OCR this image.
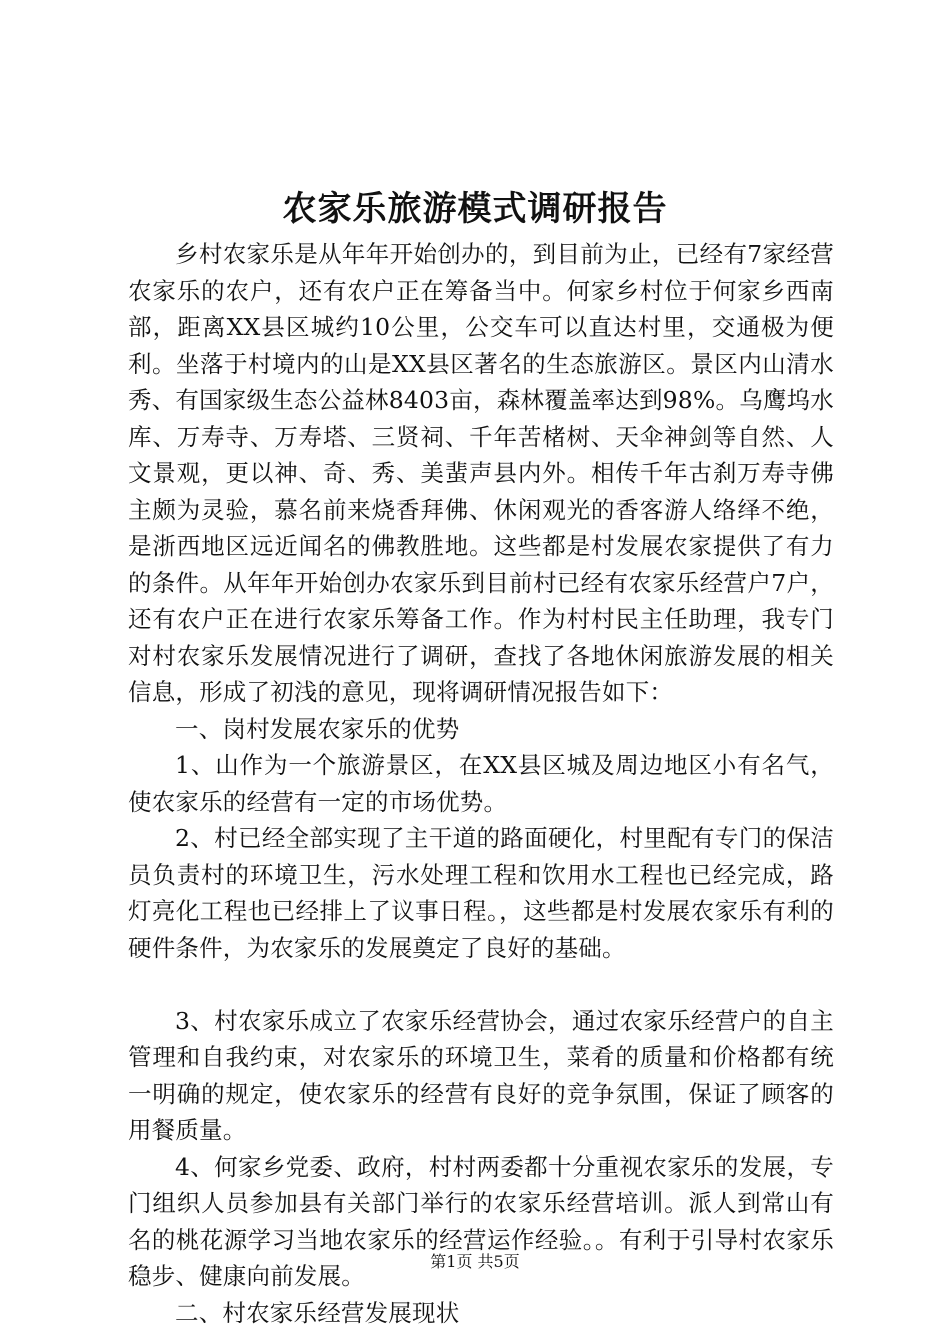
农家乐旅游模式调研报告

乡村农家乐是从年年开始创办的，到目前为止，已经有7家经营农家乐的农户，还有农户正在筹备当中。何家乡村位于何家乡西南部，距离XX县区城约10公里，公交车可以直达村里，交通极为便利。坐落于村境内的山是XX县区著名的生态旅游区。景区内山清水秀、有国家级生态公益林8403亩，森林覆盖率达到98%。乌鹰坞水库、万寿寺、万寿塔、三贤祠、千年苦楮树、天伞神剑等自然、人文景观，更以神、奇、秀、美蜚声县内外。相传千年古刹万寿寺佛主颇为灵验，慕名前来烧香拜佛、休闲观光的香客游人络绎不绝，是浙西地区远近闻名的佛教胜地。这些都是村发展农家提供了有力的条件。从年年开始创办农家乐到目前村已经有农家乐经营户7户，还有农户正在进行农家乐筹备工作。作为村村民主任助理，我专门对村农家乐发展情况进行了调研，查找了各地休闲旅游发展的相关信息，形成了初浅的意见，现将调研情况报告如下：

一、岗村发展农家乐的优势

1、山作为一个旅游景区，在XX县区城及周边地区小有名气，使农家乐的经营有一定的市场优势。

2、村已经全部实现了主干道的路面硬化，村里配有专门的保洁员负责村的环境卫生，污水处理工程和饮用水工程也已经完成，路灯亮化工程也已经排上了议事日程。，这些都是村发展农家乐有利的硬件条件，为农家乐的发展奠定了良好的基础。

3、村农家乐成立了农家乐经营协会，通过农家乐经营户的自主管理和自我约束，对农家乐的环境卫生，菜肴的质量和价格都有统一明确的规定，使农家乐的经营有良好的竞争氛围，保证了顾客的用餐质量。

4、何家乡党委、政府，村村两委都十分重视农家乐的发展，专门组织人员参加县有关部门举行的农家乐经营培训。派人到常山有名的桃花源学习当地农家乐的经营运作经验。。有利于引导村农家乐稳步、健康向前发展。

二、村农家乐经营发展现状

第1页 共5页
